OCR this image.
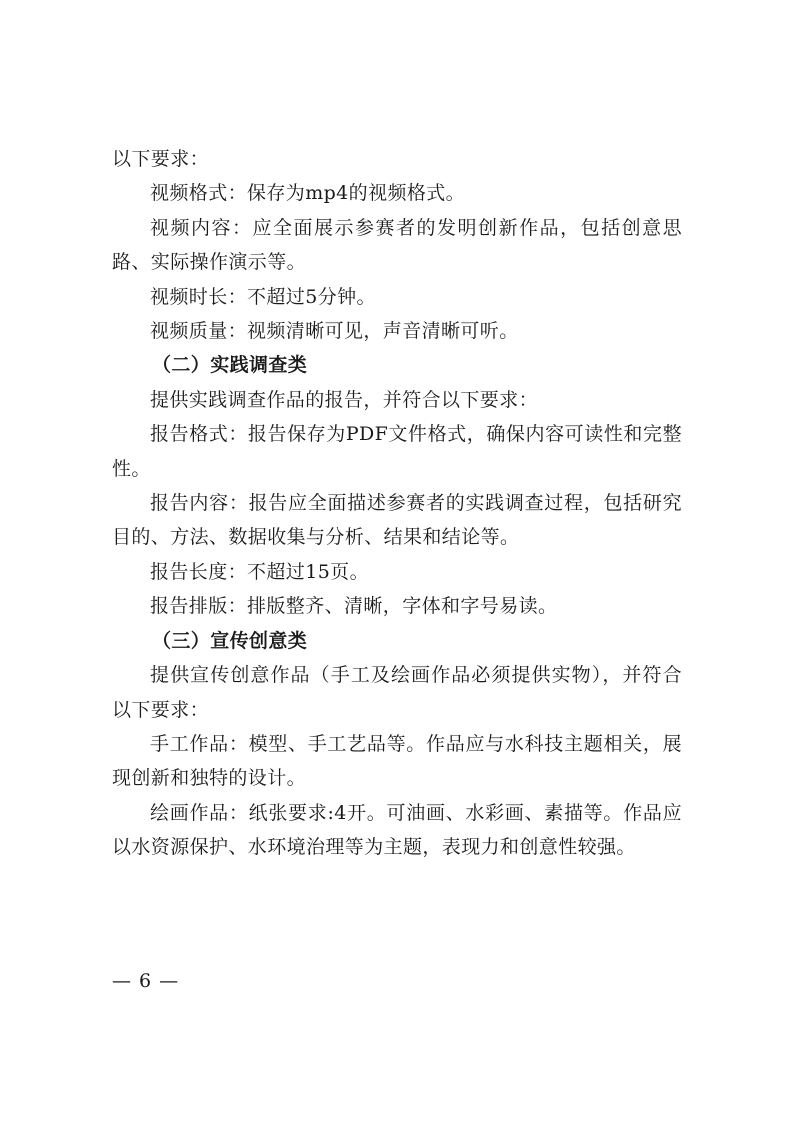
以下要求：

视频格式：保存为mp4的视频格式。

视频内容：应全面展示参赛者的发明创新作品，包括创意思路、实际操作演示等。

视频时长：不超过5分钟。

视频质量：视频清晰可见，声音清晰可听。

（二）实践调查类

提供实践调查作品的报告，并符合以下要求：

报告格式：报告保存为PDF文件格式，确保内容可读性和完整性。

报告内容：报告应全面描述参赛者的实践调查过程，包括研究目的、方法、数据收集与分析、结果和结论等。

报告长度：不超过15页。

报告排版：排版整齐、清晰，字体和字号易读。

（三）宣传创意类

提供宣传创意作品（手工及绘画作品必须提供实物），并符合以下要求：

手工作品：模型、手工艺品等。作品应与水科技主题相关，展现创新和独特的设计。

绘画作品：纸张要求:4开。可油画、水彩画、素描等。作品应以水资源保护、水环境治理等为主题，表现力和创意性较强。

— 6 —
